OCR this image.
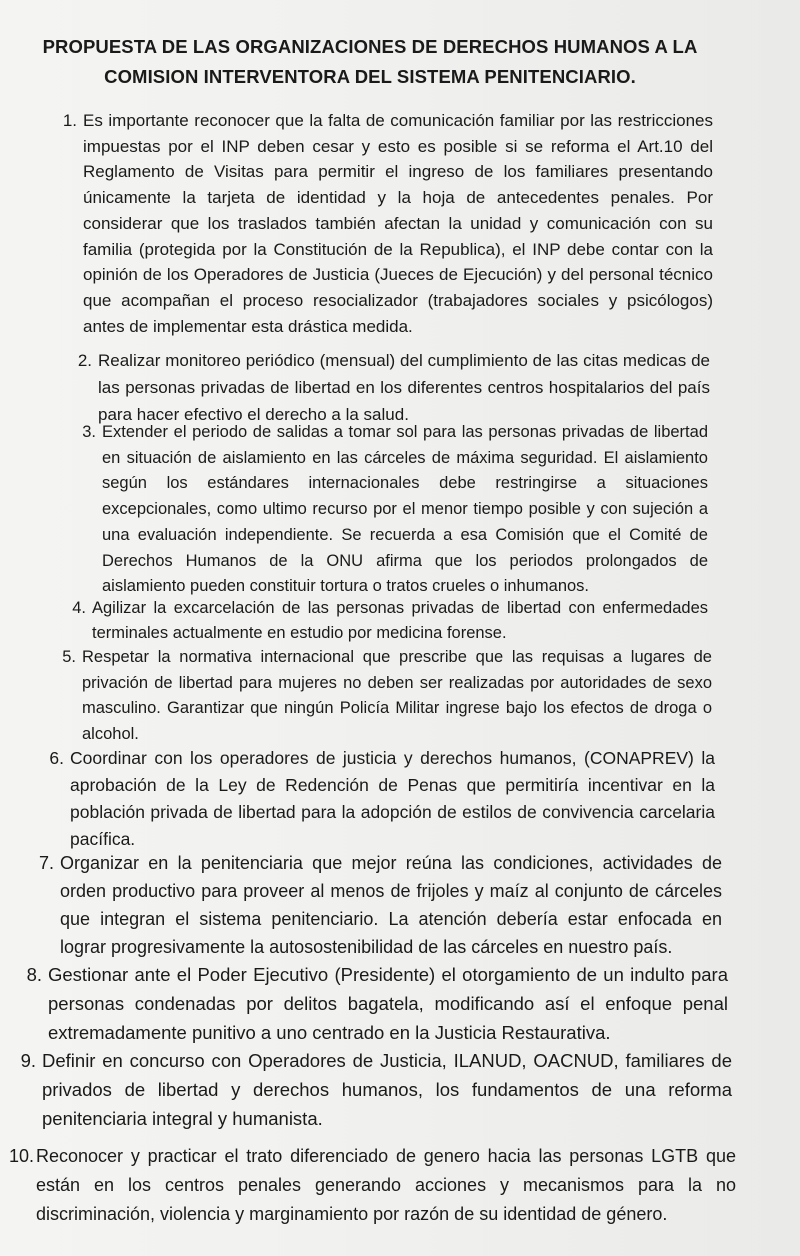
PROPUESTA DE LAS ORGANIZACIONES DE DERECHOS HUMANOS A LA COMISION INTERVENTORA DEL SISTEMA PENITENCIARIO.
1. Es importante reconocer que la falta de comunicación familiar por las restricciones impuestas por el INP deben cesar y esto es posible si se reforma el Art.10 del Reglamento de Visitas para permitir el ingreso de los familiares presentando únicamente la tarjeta de identidad y la hoja de antecedentes penales. Por considerar que los traslados también afectan la unidad y comunicación con su familia (protegida por la Constitución de la Republica), el INP debe contar con la opinión de los Operadores de Justicia (Jueces de Ejecución) y del personal técnico que acompañan el proceso resocializador (trabajadores sociales y psicólogos) antes de implementar esta drástica medida.
2. Realizar monitoreo periódico (mensual) del cumplimiento de las citas medicas de las personas privadas de libertad en los diferentes centros hospitalarios del país para hacer efectivo el derecho a la salud.
3. Extender el periodo de salidas a tomar sol para las personas privadas de libertad en situación de aislamiento en las cárceles de máxima seguridad. El aislamiento según los estándares internacionales debe restringirse a situaciones excepcionales, como ultimo recurso por el menor tiempo posible y con sujeción a una evaluación independiente. Se recuerda a esa Comisión que el Comité de Derechos Humanos de la ONU afirma que los periodos prolongados de aislamiento pueden constituir tortura o tratos crueles o inhumanos.
4. Agilizar la excarcelación de las personas privadas de libertad con enfermedades terminales actualmente en estudio por medicina forense.
5. Respetar la normativa internacional que prescribe que las requisas a lugares de privación de libertad para mujeres no deben ser realizadas por autoridades de sexo masculino. Garantizar que ningún Policía Militar ingrese bajo los efectos de droga o alcohol.
6. Coordinar con los operadores de justicia y derechos humanos, (CONAPREV) la aprobación de la Ley de Redención de Penas que permitiría incentivar en la población privada de libertad para la adopción de estilos de convivencia carcelaria pacífica.
7. Organizar en la penitenciaria que mejor reúna las condiciones, actividades de orden productivo para proveer al menos de frijoles y maíz al conjunto de cárceles que integran el sistema penitenciario. La atención debería estar enfocada en lograr progresivamente la autosostenibilidad de las cárceles en nuestro país.
8. Gestionar ante el Poder Ejecutivo (Presidente) el otorgamiento de un indulto para personas condenadas por delitos bagatela, modificando así el enfoque penal extremadamente punitivo a uno centrado en la Justicia Restaurativa.
9. Definir en concurso con Operadores de Justicia, ILANUD, OACNUD, familiares de privados de libertad y derechos humanos, los fundamentos de una reforma penitenciaria integral y humanista.
10. Reconocer y practicar el trato diferenciado de genero hacia las personas LGTB que están en los centros penales generando acciones y mecanismos para la no discriminación, violencia y marginamiento por razón de su identidad de género.
